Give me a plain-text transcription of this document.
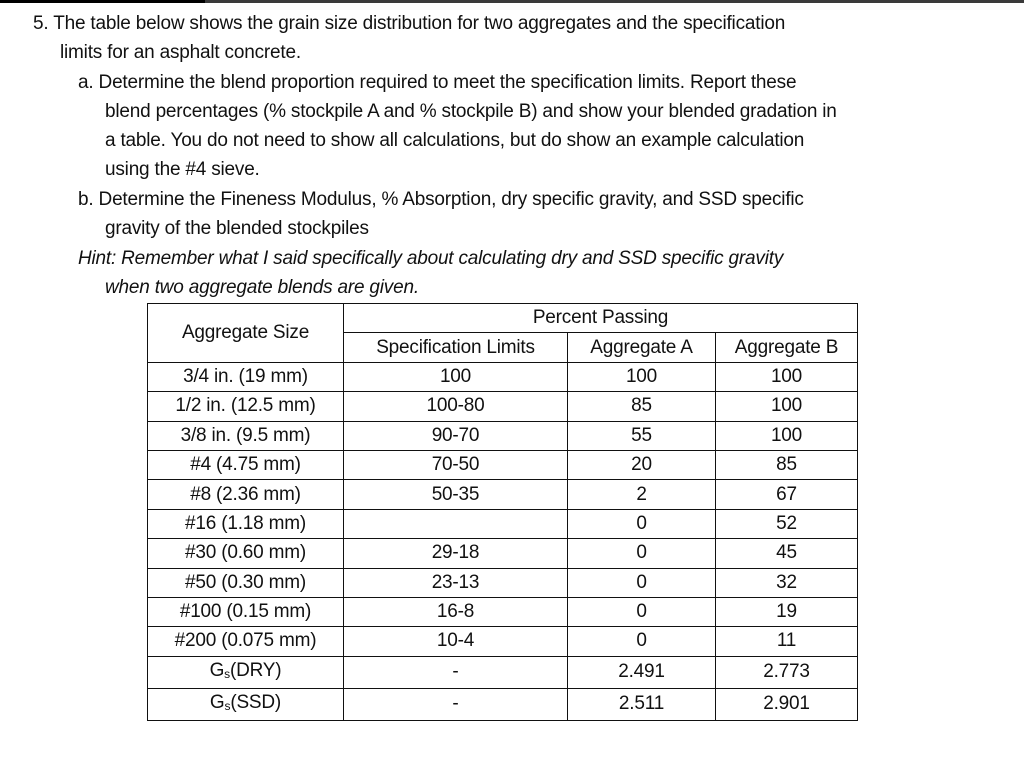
5. The table below shows the grain size distribution for two aggregates and the specification
limits for an asphalt concrete.
a. Determine the blend proportion required to meet the specification limits. Report these
blend percentages (% stockpile A and % stockpile B) and show your blended gradation in
a table. You do not need to show all calculations, but do show an example calculation
using the #4 sieve.
b. Determine the Fineness Modulus, % Absorption, dry specific gravity, and SSD specific
gravity of the blended stockpiles
Hint: Remember what I said specifically about calculating dry and SSD specific gravity
when two aggregate blends are given.
Aggregate Size	Percent Passing		
	Specification Limits	Aggregate A	Aggregate B
3/4 in. (19 mm)	100	100	100
1/2 in. (12.5 mm)	100-80	85	100
3/8 in. (9.5 mm)	90-70	55	100
#4 (4.75 mm)	70-50	20	85
#8 (2.36 mm)	50-35	2	67
#16 (1.18 mm)		0	52
#30 (0.60 mm)	29-18	0	45
#50 (0.30 mm)	23-13	0	32
#100 (0.15 mm)	16-8	0	19
#200 (0.075 mm)	10-4	0	11
$G_s(DRY)$	-	2.491	2.773
$G_s(SSD)$	-	2.511	2.901
